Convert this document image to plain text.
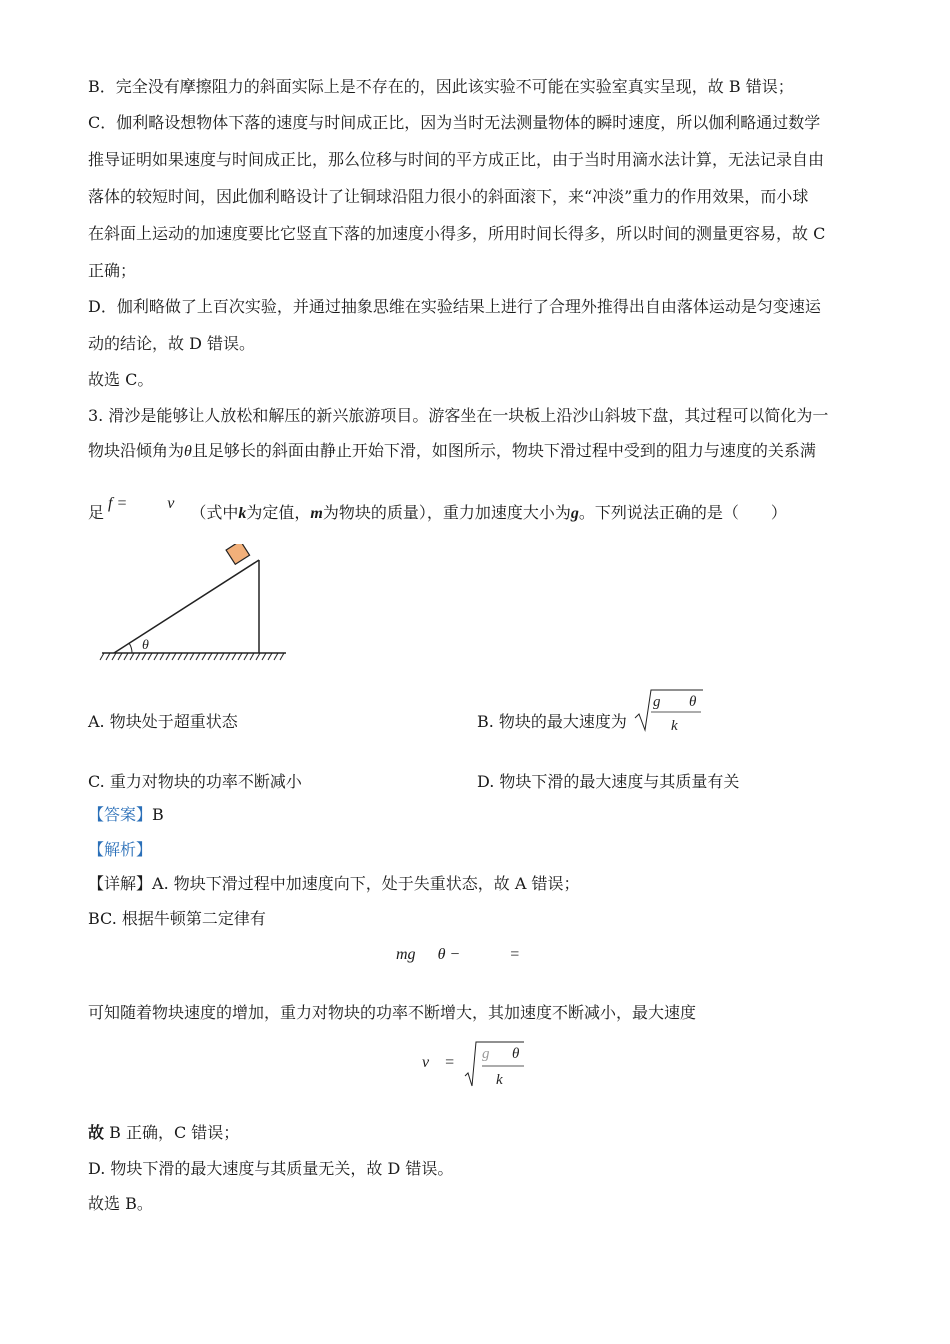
B．完全没有摩擦阻力的斜面实际上是不存在的，因此该实验不可能在实验室真实呈现，故 B 错误；
C．伽利略设想物体下落的速度与时间成正比，因为当时无法测量物体的瞬时速度，所以伽利略通过数学
推导证明如果速度与时间成正比，那么位移与时间的平方成正比，由于当时用滴水法计算，无法记录自由
落体的较短时间，因此伽利略设计了让铜球沿阻力很小的斜面滚下，来“冲淡”重力的作用效果，而小球
在斜面上运动的加速度要比它竖直下落的加速度小得多，所用时间长得多，所以时间的测量更容易，故 C
正确；
D．伽利略做了上百次实验，并通过抽象思维在实验结果上进行了合理外推得出自由落体运动是匀变速运
动的结论，故 D 错误。
故选 C。
3. 滑沙是能够让人放松和解压的新兴旅游项目。游客坐在一块板上沿沙山斜坡下盘，其过程可以简化为一
物块沿倾角为θ且足够长的斜面由静止开始下滑，如图所示，物块下滑过程中受到的阻力与速度的关系满
足 f =	v （式中k为定值，m为物块的质量），重力加速度大小为g。下列说法正确的是（　　）
θ
A. 物块处于超重状态	B. 物块的最大速度为
g θ
k
C. 重力对物块的功率不断减小	D. 物块下滑的最大速度与其质量有关
【答案】B
【解析】
【详解】A. 物块下滑过程中加速度向下，处于失重状态，故 A 错误；
BC. 根据牛顿第二定律有
mg θ −	=
可知随着物块速度的增加，重力对物块的功率不断增大，其加速度不断减小，最大速度
v = g θ
k
故 B 正确，C 错误；
D. 物块下滑的最大速度与其质量无关，故 D 错误。
故选 B。
